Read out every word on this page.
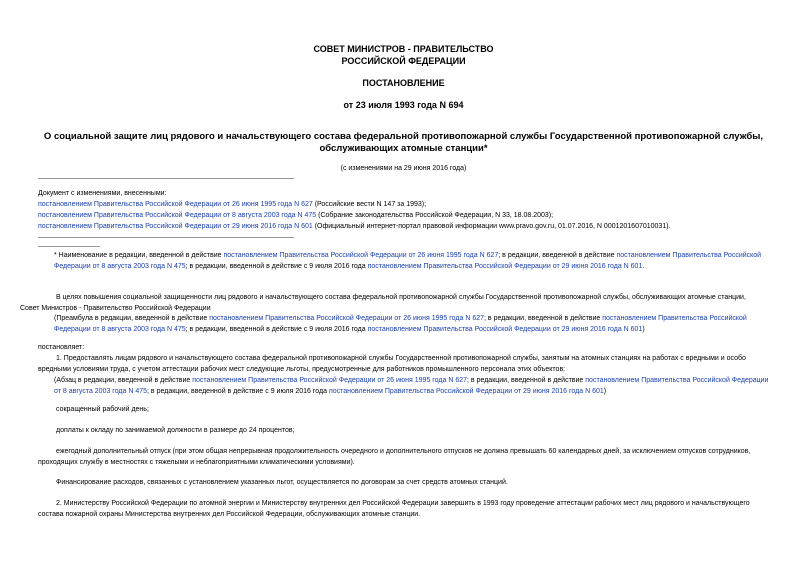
СОВЕТ МИНИСТРОВ - ПРАВИТЕЛЬСТВО
РОССИЙСКОЙ ФЕДЕРАЦИИ
ПОСТАНОВЛЕНИЕ
от 23 июля 1993 года N 694
О социальной защите лиц рядового и начальствующего состава федеральной противопожарной службы Государственной противопожарной службы,
обслуживающих атомные станции*
(с изменениями на 29 июня 2016 года)
Документ с изменениями, внесенными:
постановлением Правительства Российской Федерации от 26 июня 1995 года N 627 (Российские вести N 147 за 1993);
постановлением Правительства Российской Федерации от 8 августа 2003 года N 475 (Собрание законодательства Российской Федерации, N 33, 18.08.2003);
постановлением Правительства Российской Федерации от 29 июня 2016 года N 601 (Официальный интернет-портал правовой информации www.pravo.gov.ru, 01.07.2016, N 0001201607010031).
* Наименование в редакции, введенной в действие постановлением Правительства Российской Федерации от 26 июня 1995 года N 627; в редакции, введенной в действие постановлением Правительства Российской Федерации от 8 августа 2003 года N 475; в редакции, введенной в действие с 9 июля 2016 года постановлением Правительства Российской Федерации от 29 июня 2016 года N 601.
В целях повышения социальной защищенности лиц рядового и начальствующего состава федеральной противопожарной службы Государственной противопожарной службы, обслуживающих атомные станции,
Совет Министров - Правительство Российской Федерации
(Преамбула в редакции, введенной в действие постановлением Правительства Российской Федерации от 26 июня 1995 года N 627; в редакции, введенной в действие постановлением Правительства Российской Федерации от 8 августа 2003 года N 475; в редакции, введенной в действие с 9 июля 2016 года постановлением Правительства Российской Федерации от 29 июня 2016 года N 601)
постановляет:
1. Предоставлять лицам рядового и начальствующего состава федеральной противопожарной службы Государственной противопожарной службы, занятым на атомных станциях на работах с вредными и особо вредными условиями труда, с учетом аттестации рабочих мест следующие льготы, предусмотренные для работников промышленного персонала этих объектов:
(Абзац в редакции, введенной в действие постановлением Правительства Российской Федерации от 26 июня 1995 года N 627; в редакции, введенной в действие постановлением Правительства Российской Федерации от 8 августа 2003 года N 475; в редакции, введенной в действие с 9 июля 2016 года постановлением Правительства Российской Федерации от 29 июня 2016 года N 601)
сокращенный рабочий день;
доплаты к окладу по занимаемой должности в размере до 24 процентов;
ежегодный дополнительный отпуск (при этом общая непрерывная продолжительность очередного и дополнительного отпусков не должна превышать 60 календарных дней, за исключением отпусков сотрудников, проходящих службу в местностях с тяжелыми и неблагоприятными климатическими условиями).
Финансирование расходов, связанных с установлением указанных льгот, осуществляется по договорам за счет средств атомных станций.
2. Министерству Российской Федерации по атомной энергии и Министерству внутренних дел Российской Федерации завершить в 1993 году проведение аттестации рабочих мест лиц рядового и начальствующего состава пожарной охраны Министерства внутренних дел Российской Федерации, обслуживающих атомные станции.
